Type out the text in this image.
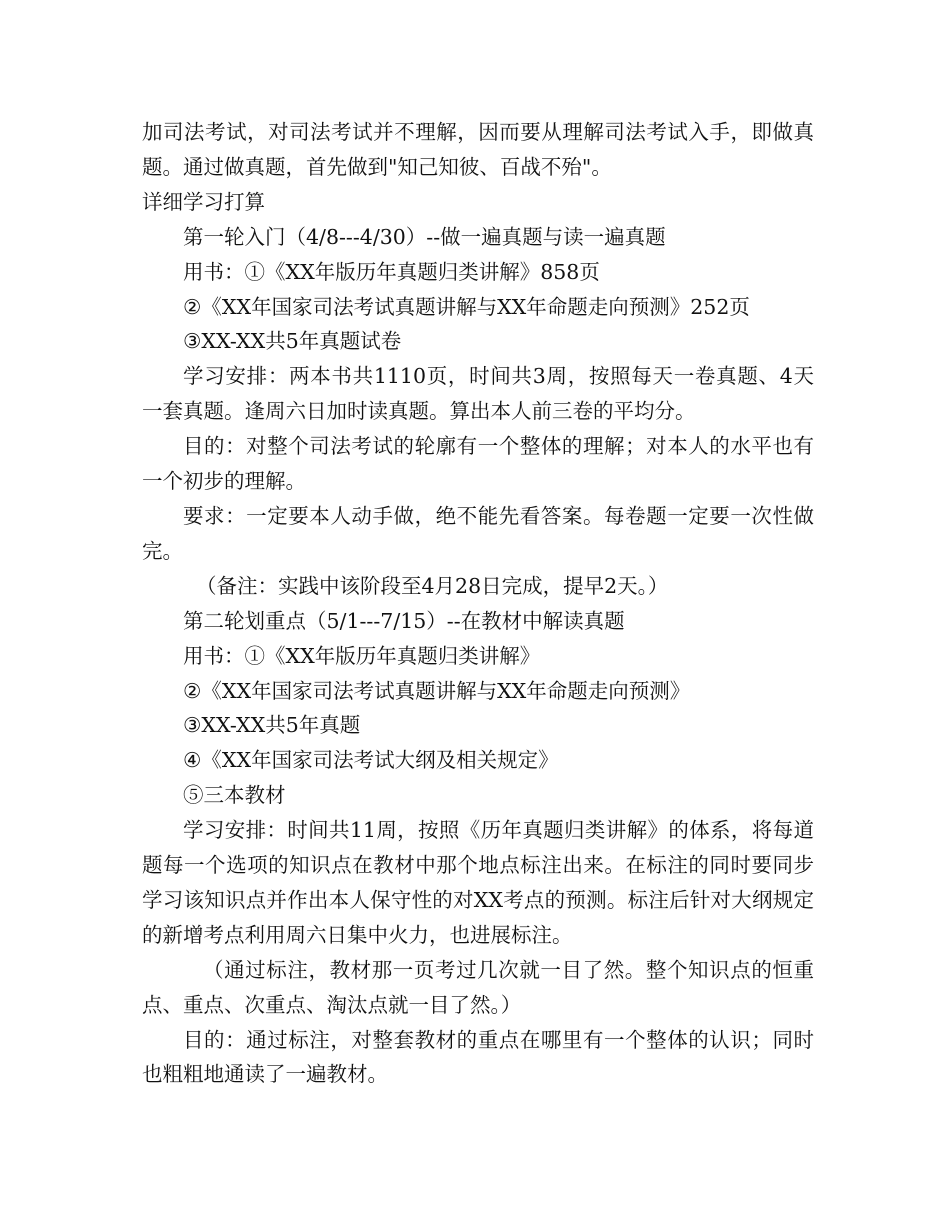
加司法考试，对司法考试并不理解，因而要从理解司法考试入手，即做真题。通过做真题，首先做到"知己知彼、百战不殆"。

详细学习打算

第一轮入门（4/8---4/30）--做一遍真题与读一遍真题

用书：①《XX年版历年真题归类讲解》858页

②《XX年国家司法考试真题讲解与XX年命题走向预测》252页

③XX-XX共5年真题试卷

学习安排：两本书共1110页，时间共3周，按照每天一卷真题、4天一套真题。逢周六日加时读真题。算出本人前三卷的平均分。

目的：对整个司法考试的轮廓有一个整体的理解；对本人的水平也有一个初步的理解。

要求：一定要本人动手做，绝不能先看答案。每卷题一定要一次性做完。

（备注：实践中该阶段至4月28日完成，提早2天。）

第二轮划重点（5/1---7/15）--在教材中解读真题

用书：①《XX年版历年真题归类讲解》

②《XX年国家司法考试真题讲解与XX年命题走向预测》

③XX-XX共5年真题

④《XX年国家司法考试大纲及相关规定》

⑤三本教材

学习安排：时间共11周，按照《历年真题归类讲解》的体系，将每道题每一个选项的知识点在教材中那个地点标注出来。在标注的同时要同步学习该知识点并作出本人保守性的对XX考点的预测。标注后针对大纲规定的新增考点利用周六日集中火力，也进展标注。

（通过标注，教材那一页考过几次就一目了然。整个知识点的恒重点、重点、次重点、淘汰点就一目了然。）

目的：通过标注，对整套教材的重点在哪里有一个整体的认识；同时也粗粗地通读了一遍教材。
